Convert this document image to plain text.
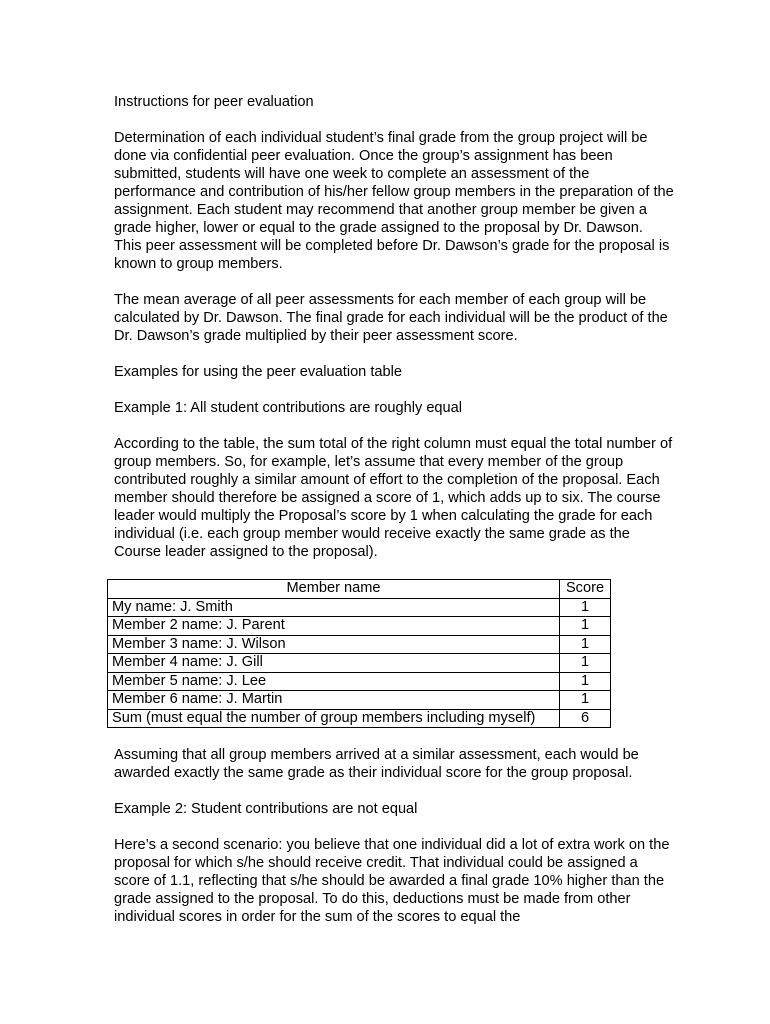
Instructions for peer evaluation

Determination of each individual student’s final grade from the group project will be done via confidential peer evaluation. Once the group’s assignment has been submitted, students will have one week to complete an assessment of the performance and contribution of his/her fellow group members in the preparation of the assignment. Each student may recommend that another group member be given a grade higher, lower or equal to the grade assigned to the proposal by Dr. Dawson. This peer assessment will be completed before Dr. Dawson’s grade for the proposal is known to group members.

The mean average of all peer assessments for each member of each group will be calculated by Dr. Dawson. The final grade for each individual will be the product of the Dr. Dawson’s grade multiplied by their peer assessment score.

Examples for using the peer evaluation table

Example 1: All student contributions are roughly equal

According to the table, the sum total of the right column must equal the total number of group members. So, for example, let’s assume that every member of the group contributed roughly a similar amount of effort to the completion of the proposal. Each member should therefore be assigned a score of 1, which adds up to six. The course leader would multiply the Proposal’s score by 1 when calculating the grade for each individual (i.e. each group member would receive exactly the same grade as the Course leader assigned to the proposal).

Member name	Score
My name: J. Smith	1
Member 2 name: J. Parent	1
Member 3 name: J. Wilson	1
Member 4 name: J. Gill	1
Member 5 name: J. Lee	1
Member 6 name: J. Martin	1
Sum (must equal the number of group members including myself)	6

Assuming that all group members arrived at a similar assessment, each would be awarded exactly the same grade as their individual score for the group proposal.

Example 2: Student contributions are not equal

Here’s a second scenario: you believe that one individual did a lot of extra work on the proposal for which s/he should receive credit. That individual could be assigned a score of 1.1, reflecting that s/he should be awarded a final grade 10% higher than the grade assigned to the proposal. To do this, deductions must be made from other individual scores in order for the sum of the scores to equal the
